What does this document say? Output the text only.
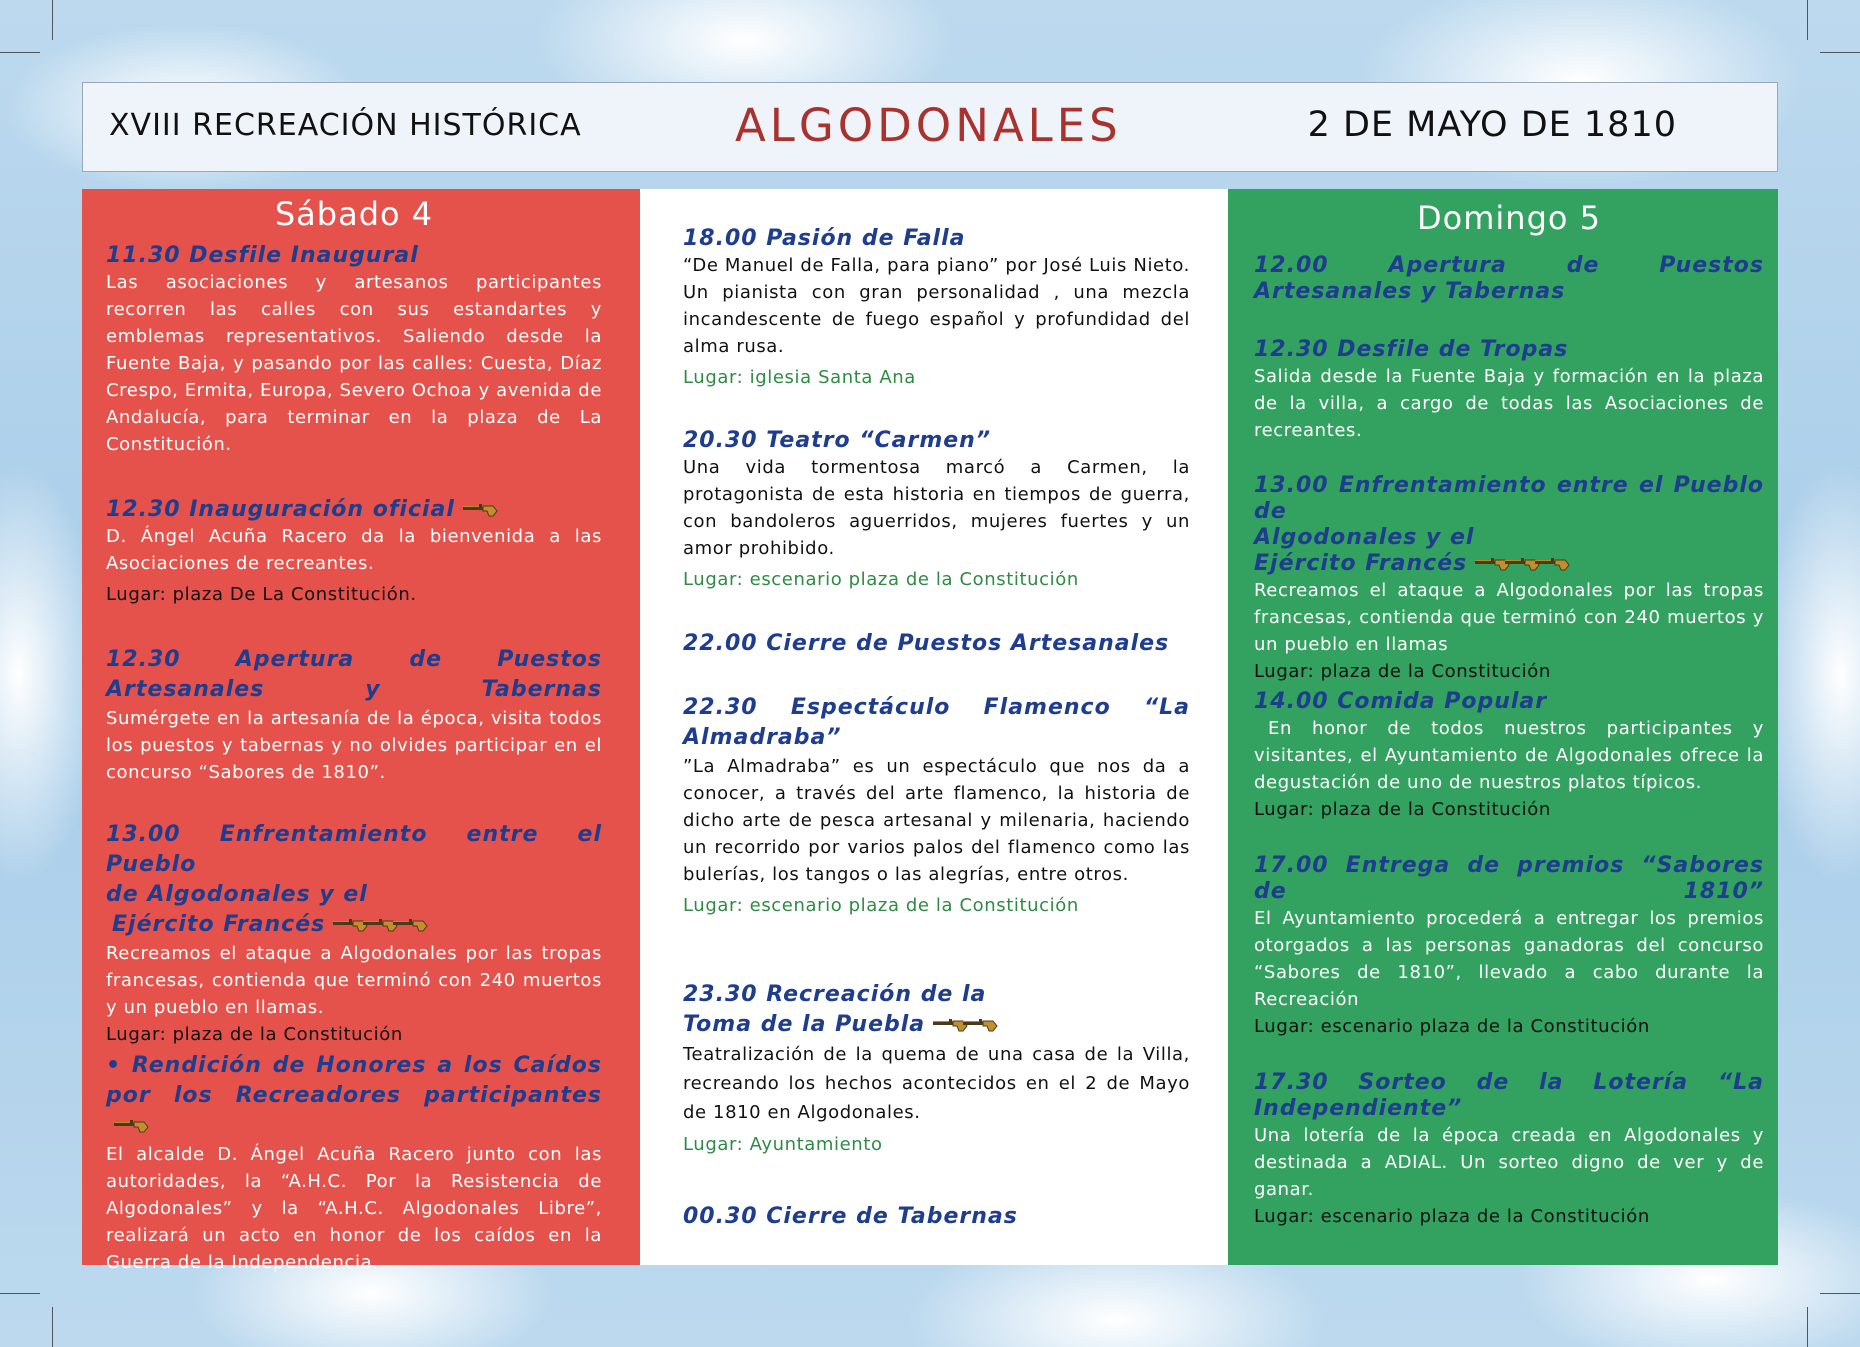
XVIII RECREACIÓN HISTÓRICA	ALGODONALES	2 DE MAYO DE 1810
Sábado 4
11.30 Desfile Inaugural
Las asociaciones y artesanos participantes recorren las calles con sus estandartes y emblemas representativos. Saliendo desde la Fuente Baja, y pasando por las calles: Cuesta, Díaz Crespo, Ermita, Europa, Severo Ochoa y avenida de Andalucía, para terminar en la plaza de La Constitución.
12.30 Inauguración oficial
D. Ángel Acuña Racero da la bienvenida a las Asociaciones de recreantes.
Lugar: plaza De La Constitución.
12.30 Apertura de Puestos Artesanales y Tabernas
Sumérgete en la artesanía de la época, visita todos los puestos y tabernas y no olvides participar en el concurso “Sabores de 1810”.
13.00 Enfrentamiento entre el Pueblo
de Algodonales y el
Ejército Francés
Recreamos el ataque a Algodonales por las tropas francesas, contienda que terminó con 240 muertos y un pueblo en llamas.
Lugar: plaza de la Constitución
• Rendición de Honores a los Caídos por los Recreadores participantes
El alcalde D. Ángel Acuña Racero junto con las autoridades, la “A.H.C. Por la Resistencia de Algodonales” y la “A.H.C. Algodonales Libre”, realizará un acto en honor de los caídos en la Guerra de la Independencia.
18.00 Pasión de Falla
“De Manuel de Falla, para piano” por José Luis Nieto. Un pianista con gran personalidad , una mezcla incandescente de fuego español y profundidad del alma rusa.
Lugar: iglesia Santa Ana
20.30 Teatro “Carmen”
Una vida tormentosa marcó a Carmen, la protagonista de esta historia en tiempos de guerra, con bandoleros aguerridos, mujeres fuertes y un amor prohibido.
Lugar: escenario plaza de la Constitución
22.00 Cierre de Puestos Artesanales
22.30 Espectáculo Flamenco “La Almadraba”
”La Almadraba” es un espectáculo que nos da a conocer, a través del arte flamenco, la historia de dicho arte de pesca artesanal y milenaria, haciendo un recorrido por varios palos del flamenco como las bulerías, los tangos o las alegrías, entre otros.
Lugar: escenario plaza de la Constitución
23.30 Recreación de la
Toma de la Puebla
Teatralización de la quema de una casa de la Villa, recreando los hechos acontecidos en el 2 de Mayo de 1810 en Algodonales.
Lugar: Ayuntamiento
00.30 Cierre de Tabernas
Domingo 5
12.00 Apertura de Puestos Artesanales y Tabernas
12.30 Desfile de Tropas
Salida desde la Fuente Baja y formación en la plaza de la villa, a cargo de todas las Asociaciones de recreantes.
13.00 Enfrentamiento entre el Pueblo de
Algodonales y el
Ejército Francés
Recreamos el ataque a Algodonales por las tropas francesas, contienda que terminó con 240 muertos y un pueblo en llamas
Lugar: plaza de la Constitución
14.00 Comida Popular
En honor de todos nuestros participantes y visitantes, el Ayuntamiento de Algodonales ofrece la degustación de uno de nuestros platos típicos.
Lugar: plaza de la Constitución
17.00 Entrega de premios “Sabores de 1810”
El Ayuntamiento procederá a entregar los premios otorgados a las personas ganadoras del concurso “Sabores de 1810”, llevado a cabo durante la Recreación
Lugar: escenario plaza de la Constitución
17.30 Sorteo de la Lotería “La Independiente”
Una lotería de la época creada en Algodonales y destinada a ADIAL. Un sorteo digno de ver y de ganar.
Lugar: escenario plaza de la Constitución
